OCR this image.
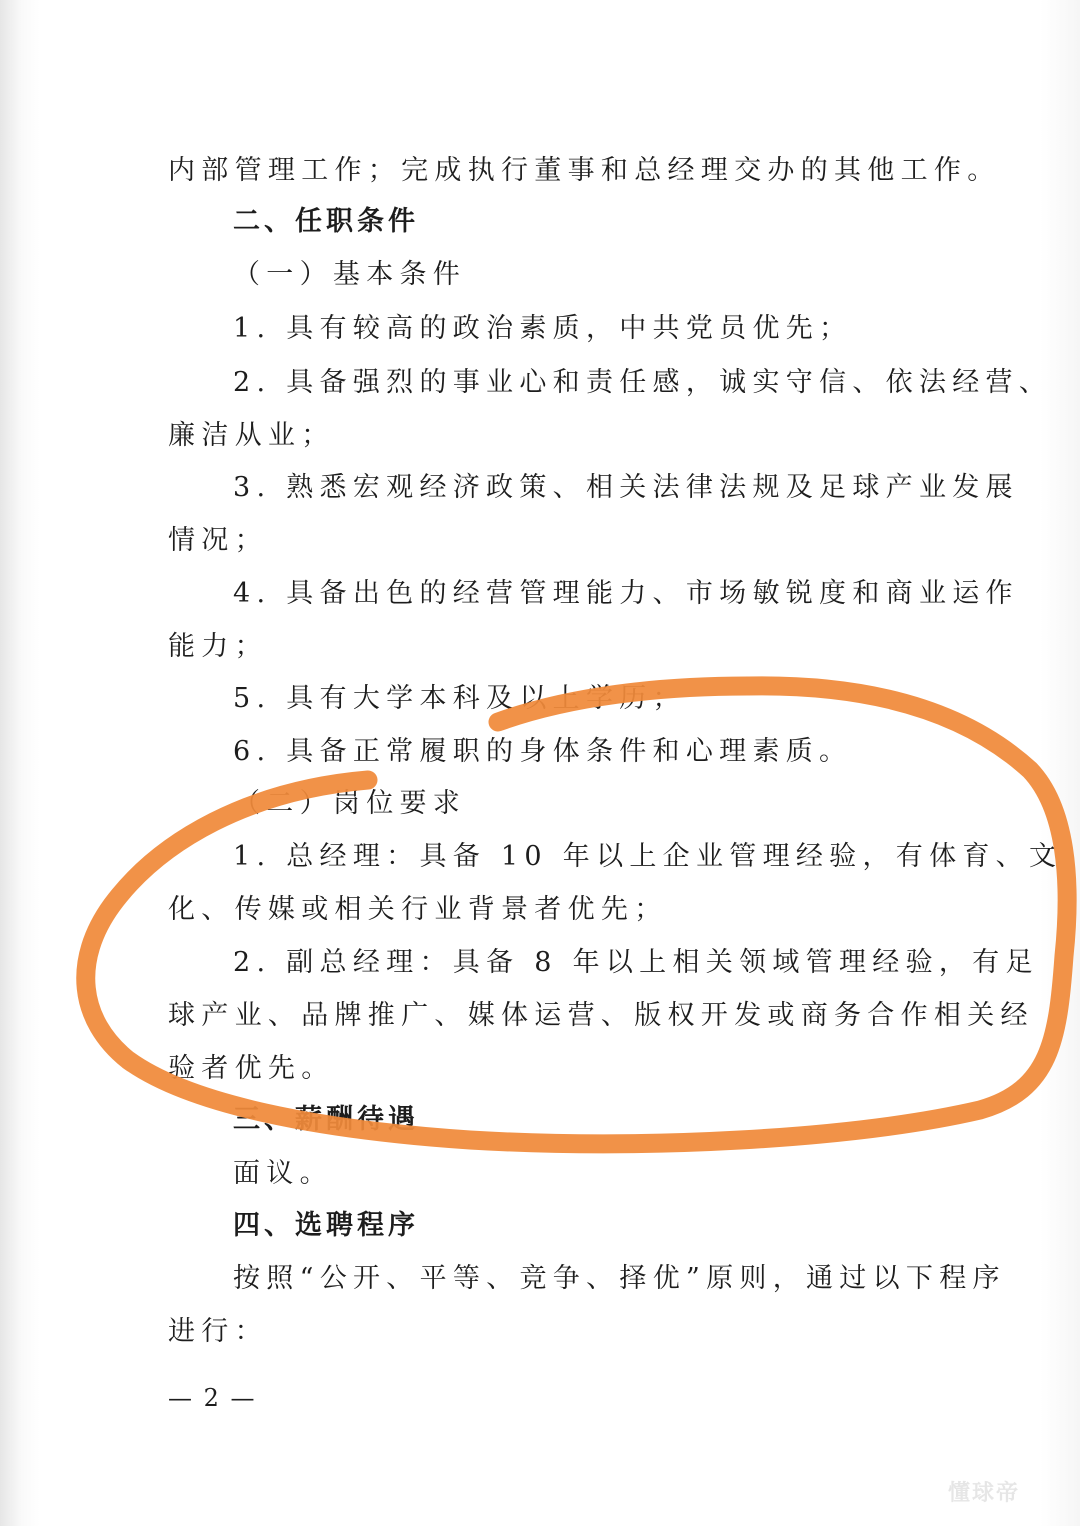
内部管理工作；完成执行董事和总经理交办的其他工作。
二、任职条件
（一）基本条件
1. 具有较高的政治素质，中共党员优先；
2. 具备强烈的事业心和责任感，诚实守信、依法经营、
廉洁从业；
3. 熟悉宏观经济政策、相关法律法规及足球产业发展
情况；
4. 具备出色的经营管理能力、市场敏锐度和商业运作
能力；
5. 具有大学本科及以上学历；
6. 具备正常履职的身体条件和心理素质。
（二）岗位要求
1. 总经理：具备 10 年以上企业管理经验，有体育、文
化、传媒或相关行业背景者优先；
2. 副总经理：具备 8 年以上相关领域管理经验，有足
球产业、品牌推广、媒体运营、版权开发或商务合作相关经
验者优先。
三、薪酬待遇
面议。
四、选聘程序
按照“公开、平等、竞争、择优”原则，通过以下程序
进行：
— 2 —
懂球帝
